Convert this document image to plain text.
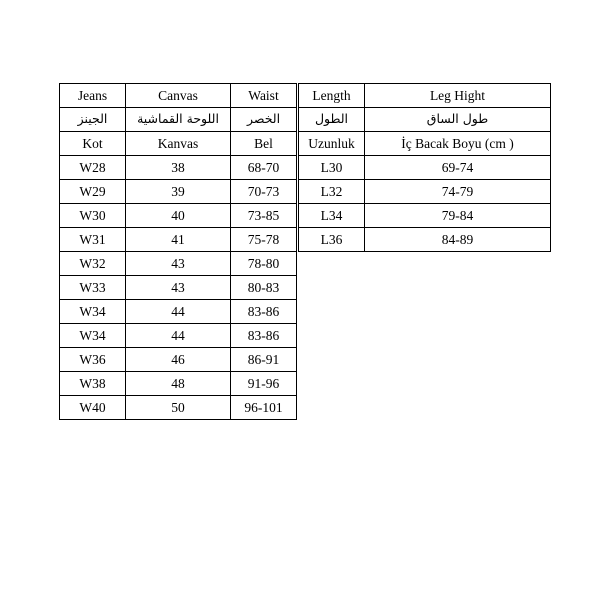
Jeans	Canvas	Waist
الجينز	اللوحة القماشية	الخصر
Kot	Kanvas	Bel
W28	38	68-70
W29	39	70-73
W30	40	73-85
W31	41	75-78
W32	43	78-80
W33	43	80-83
W34	44	83-86
W34	44	83-86
W36	46	86-91
W38	48	91-96
W40	50	96-101
Length	Leg Hight
الطول	طول الساق
Uzunluk	İç Bacak Boyu (cm )
L30	69-74
L32	74-79
L34	79-84
L36	84-89
